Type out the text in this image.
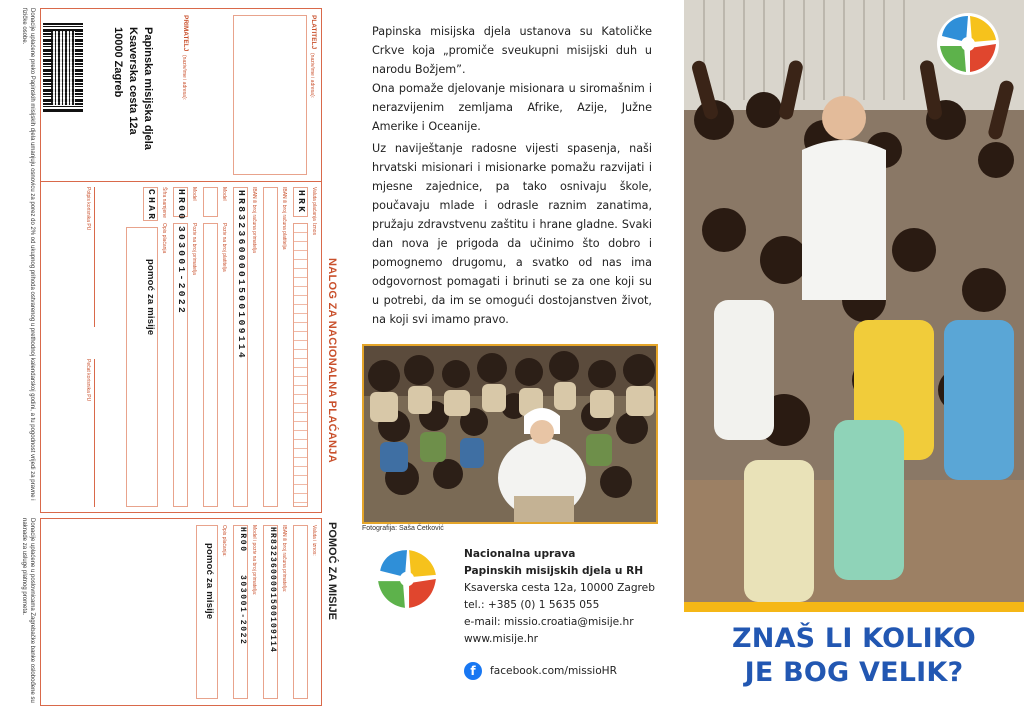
NALOG ZA NACIONALNA PLAĆANJA
POMOĆ ZA MISIJE
PLATITELJ
(naziv/ime i adresa):
PRIMATELJ
(naziv/ime i adresa):
Papinska misijska djela
Ksaverska cesta 12a
10000 Zagreb
Valuta plaćanja
HRK
Iznos
IBAN ili broj računa platitelja
IBAN ili broj računa primatelja
HR8323600001500109114
Model
Poziv na broj platitelja
Model
Poziv na broj primatelja
HR00
303001-2022
Šifra namjene
Opis plaćanja
CHAR
pomoć za misije
Potpis korisnika PU
Pečat korisnika PU
Valuta i iznos:
IBAN ili broj računa primatelja:
HR8323600001500109114
Model i poziv na broj primatelja:
HR00
303001-2022
Opis plaćanja:
pomoć za misije
Donacije uplaćene preko Papinskih misijskih djela umanjuju osnovicu za porez do 2% od ukupnog prihoda ostvarenog u prethodnoj kalendarskoj godini, a tu pogodnost vrijedi za pravne i fizičke osobe.
Donacije uplaćene u poslovnicama Zagrebačke banke oslobođene su naknade za usluge platnog prometa.

Papinska misijska djela ustanova su Katoličke Crkve koja „promiče sveukupni misijski duh u narodu Božjem”.

Ona pomaže djelovanje misionara u siromašnim i nerazvijenim zemljama Afrike, Azije, Južne Amerike i Oceanije.

Uz naviještanje radosne vijesti spasenja, naši hrvatski misionari i misionarke pomažu razvijati i mjesne zajednice, pa tako osnivaju škole, poučavaju mlade i odrasle raznim zanatima, pružaju zdravstvenu zaštitu i hrane gladne. Svaki dan nova je prigoda da učinimo što dobro i pomognemo drugomu, a svatko od nas ima odgovornost pomagati i brinuti se za one koji su u potrebi, da im se omogući dostojanstven život, na koji svi imamo pravo.

Fotografija: Saša Četković
Nacionalna uprava
Papinskih misijskih djela u RH
Ksaverska cesta 12a, 10000 Zagreb
tel.: +385 (0) 1 5635 055
e-mail: missio.croatia@misije.hr
www.misije.hr
f	facebook.com/missioHR
ZNAŠ LI KOLIKO
JE BOG VELIK?
